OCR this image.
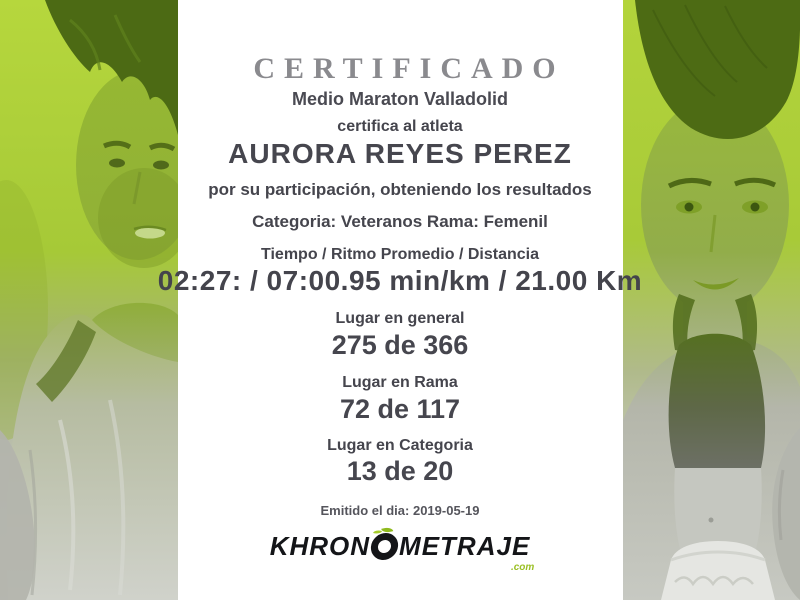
CERTIFICADO
Medio Maraton Valladolid
certifica al atleta
AURORA REYES PEREZ
por su participación, obteniendo los resultados
Categoria: Veteranos Rama: Femenil
Tiempo / Ritmo Promedio / Distancia
02:27: / 07:00.95 min/km / 21.00 Km
Lugar en general
275 de 366
Lugar en Rama
72 de 117
Lugar en Categoria
13 de 20
Emitido el dia: 2019-05-19
KHRON METRAJE
.com
